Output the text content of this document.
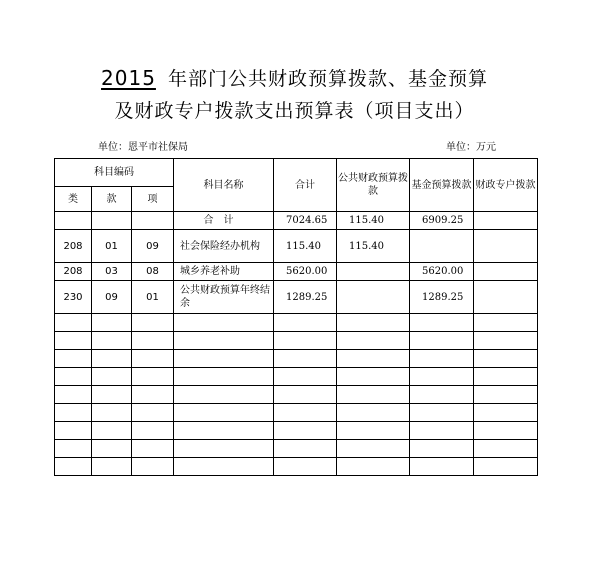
2015 年部门公共财政预算拨款、基金预算
及财政专户拨款支出预算表（项目支出）
单位：恩平市社保局	单位：万元
科目编码			科目名称	合计	公共财政预算拨款	基金预算拨款	财政专户拨款
类	款	项					
			合计	7024.65	115.40	6909.25	
208	01	09	社会保险经办机构	115.40	115.40		
208	03	08	城乡养老补助	5620.00		5620.00	
230	09	01	公共财政预算年终结余	1289.25		1289.25	
